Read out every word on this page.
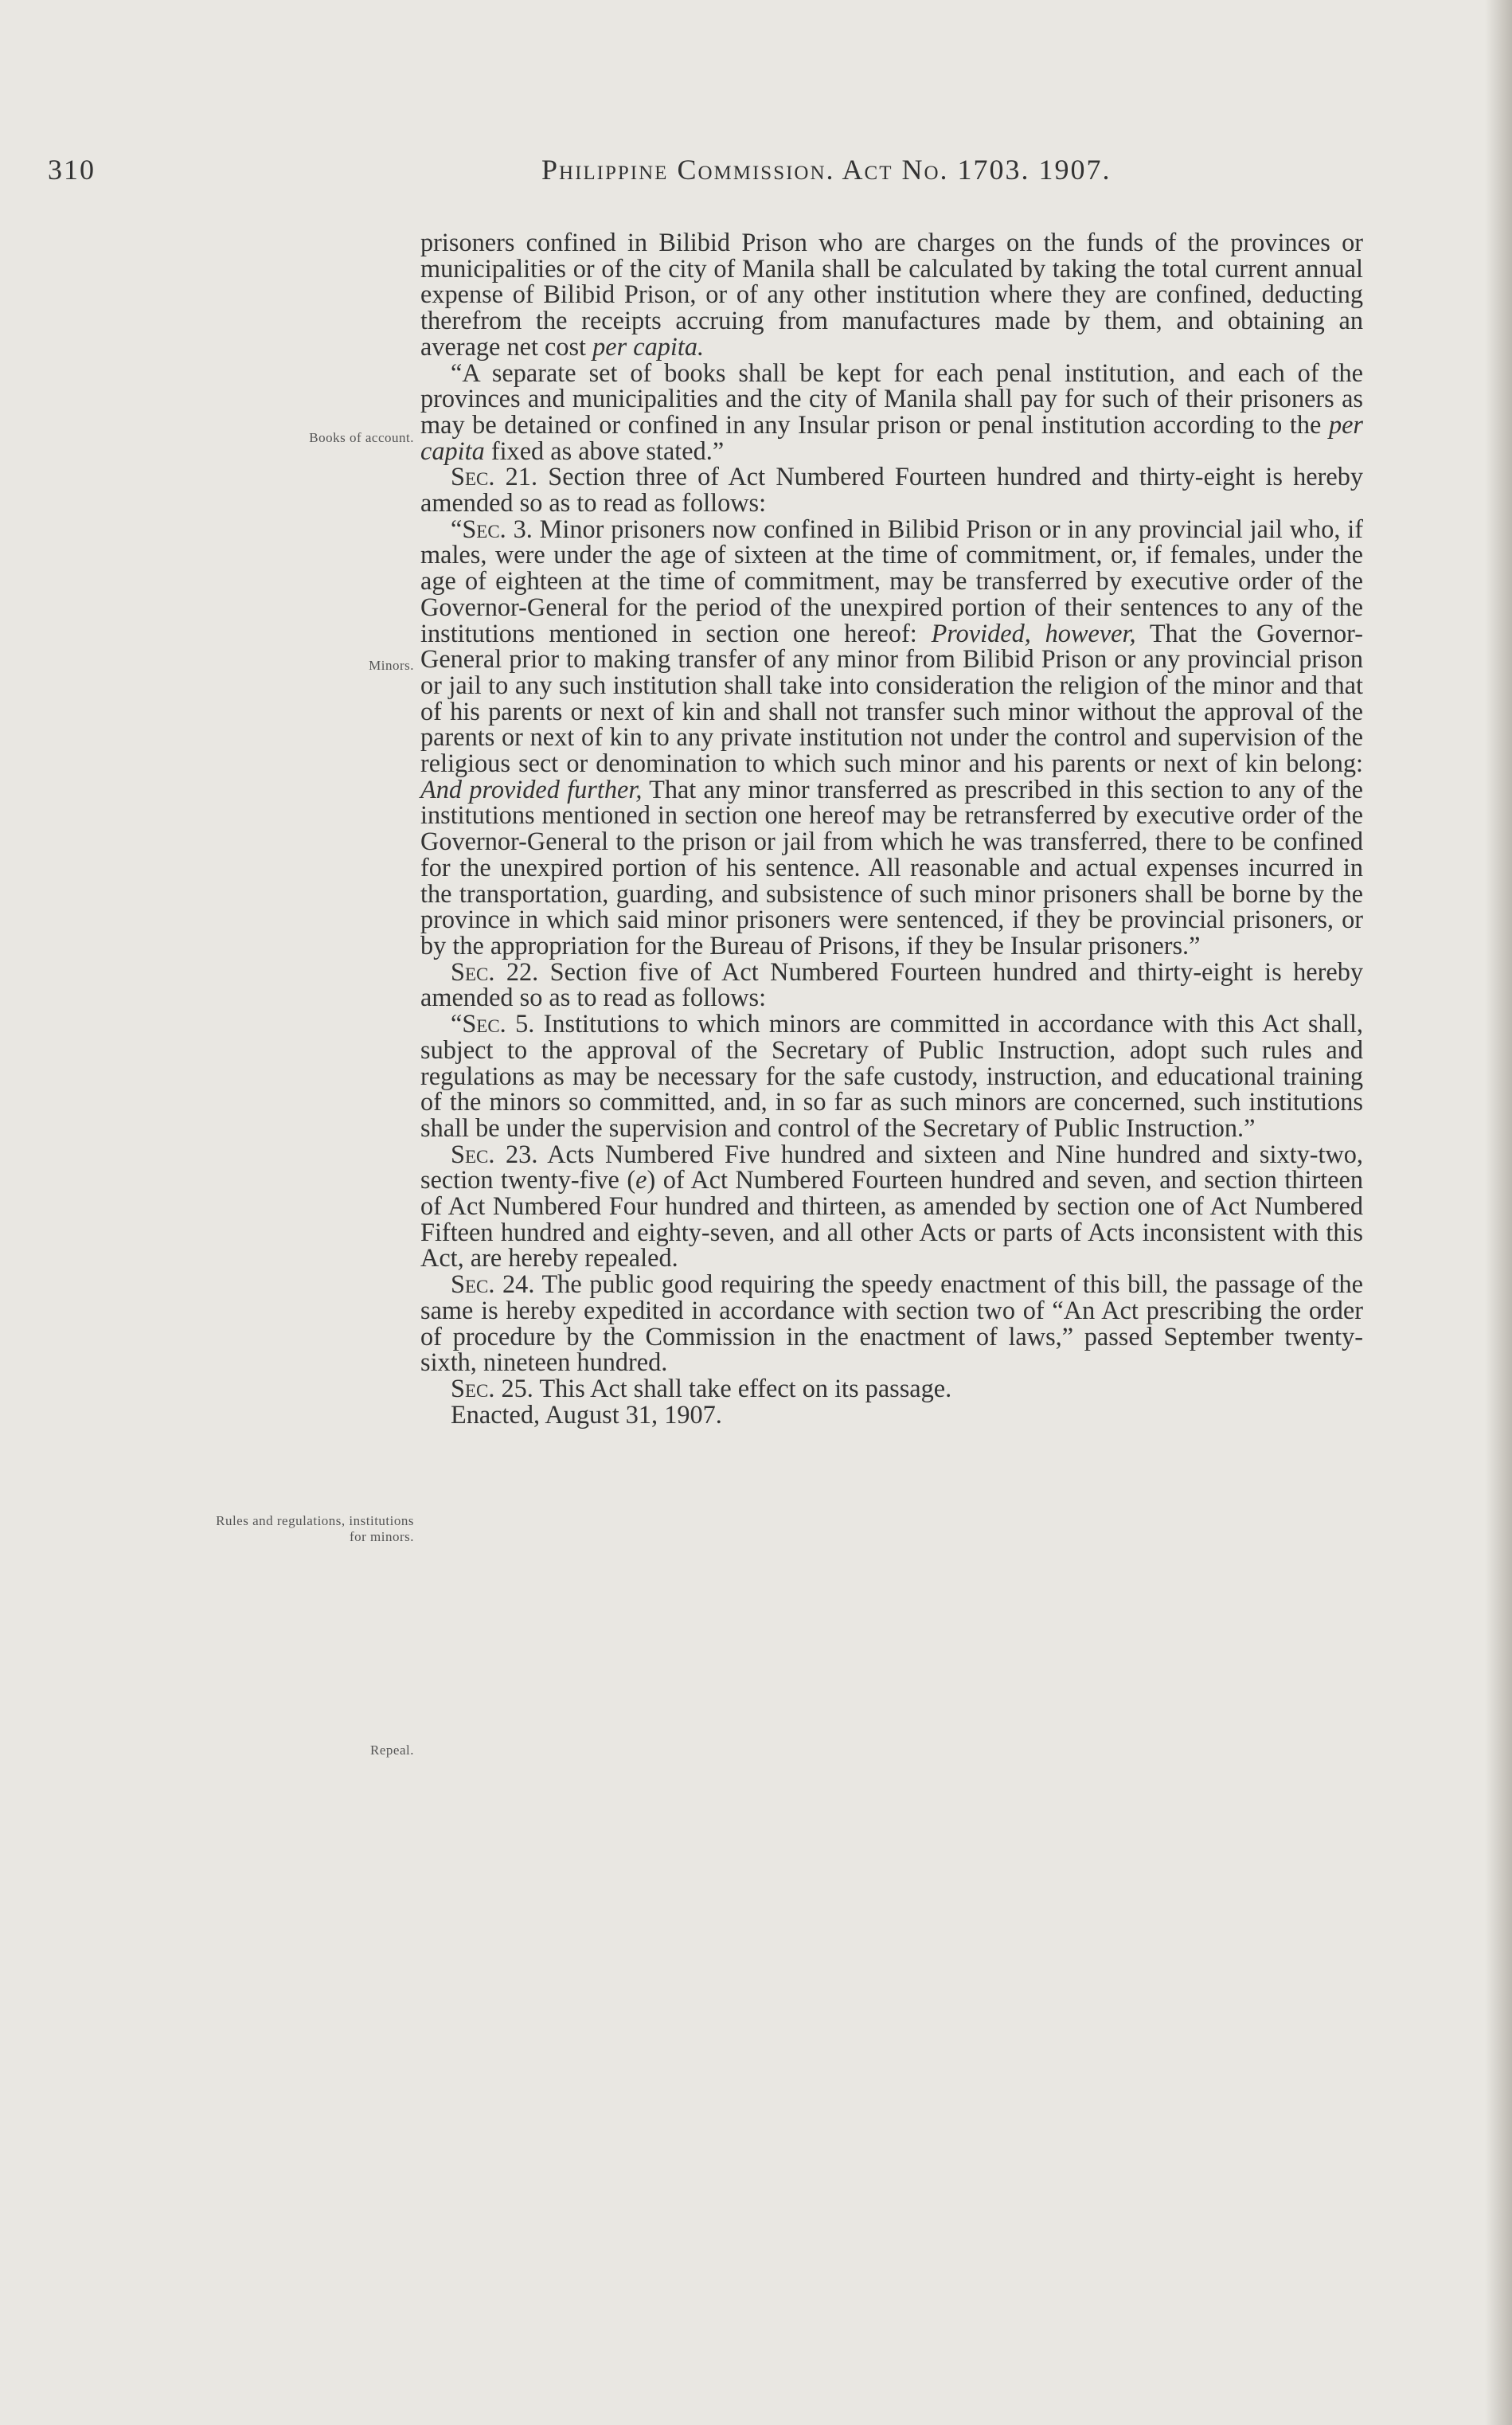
310	Philippine Commission. Act No. 1703. 1907.
Books of account.
Minors.
Rules and regulations, institutions for minors.
Repeal.

prisoners confined in Bilibid Prison who are charges on the funds of the provinces or municipalities or of the city of Manila shall be calculated by taking the total current annual expense of Bilibid Prison, or of any other institution where they are confined, deducting therefrom the receipts accruing from manufactures made by them, and obtaining an average net cost per capita.

“A separate set of books shall be kept for each penal institution, and each of the provinces and municipalities and the city of Manila shall pay for such of their prisoners as may be detained or confined in any Insular prison or penal institution according to the per capita fixed as above stated.”

Sec. 21. Section three of Act Numbered Fourteen hundred and thirty-eight is hereby amended so as to read as follows:

“Sec. 3. Minor prisoners now confined in Bilibid Prison or in any provincial jail who, if males, were under the age of sixteen at the time of commitment, or, if females, under the age of eighteen at the time of commitment, may be transferred by executive order of the Governor-General for the period of the unexpired portion of their sentences to any of the institutions mentioned in section one hereof: Provided, however, That the Governor-General prior to making transfer of any minor from Bilibid Prison or any provincial prison or jail to any such institution shall take into consideration the religion of the minor and that of his parents or next of kin and shall not transfer such minor without the approval of the parents or next of kin to any private institution not under the control and supervision of the religious sect or denomination to which such minor and his parents or next of kin belong: And provided further, That any minor transferred as prescribed in this section to any of the institutions mentioned in section one hereof may be retransferred by executive order of the Governor-General to the prison or jail from which he was transferred, there to be confined for the unexpired portion of his sentence. All reasonable and actual expenses incurred in the transportation, guarding, and subsistence of such minor prisoners shall be borne by the province in which said minor prisoners were sentenced, if they be provincial prisoners, or by the appropriation for the Bureau of Prisons, if they be Insular prisoners.”

Sec. 22. Section five of Act Numbered Fourteen hundred and thirty-eight is hereby amended so as to read as follows:

“Sec. 5. Institutions to which minors are committed in accordance with this Act shall, subject to the approval of the Secretary of Public Instruction, adopt such rules and regulations as may be necessary for the safe custody, instruction, and educational training of the minors so committed, and, in so far as such minors are concerned, such institutions shall be under the supervision and control of the Secretary of Public Instruction.”

Sec. 23. Acts Numbered Five hundred and sixteen and Nine hundred and sixty-two, section twenty-five (e) of Act Numbered Fourteen hundred and seven, and section thirteen of Act Numbered Four hundred and thirteen, as amended by section one of Act Numbered Fifteen hundred and eighty-seven, and all other Acts or parts of Acts inconsistent with this Act, are hereby repealed.

Sec. 24. The public good requiring the speedy enactment of this bill, the passage of the same is hereby expedited in accordance with section two of “An Act prescribing the order of procedure by the Commission in the enactment of laws,” passed September twenty-sixth, nineteen hundred.

Sec. 25. This Act shall take effect on its passage.

Enacted, August 31, 1907.
